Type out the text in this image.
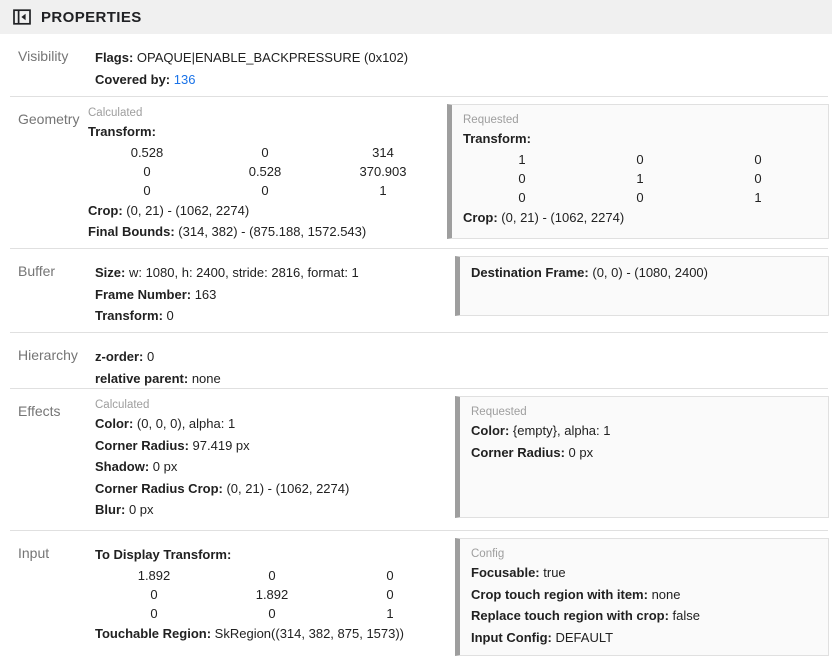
PROPERTIES
Visibility	Flags: OPAQUE|ENABLE_BACKPRESSURE (0x102)
Covered by: 136
Geometry Calculated
Transform:
0.528	0	314
0	0.528	370.903
0	0	1
Crop: (0, 21) - (1062, 2274)
Final Bounds: (314, 382) - (875.188, 1572.543)
Requested
Transform:
1	0	0
0	1	0
0	0	1
Crop: (0, 21) - (1062, 2274)
Buffer	Size: w: 1080, h: 2400, stride: 2816, format: 1
Frame Number: 163
Transform: 0
Destination Frame: (0, 0) - (1080, 2400)
Hierarchy	z-order: 0
relative parent: none
Effects	Calculated
Color: (0, 0, 0), alpha: 1
Corner Radius: 97.419 px
Shadow: 0 px
Corner Radius Crop: (0, 21) - (1062, 2274)
Blur: 0 px
Requested
Color: {empty}, alpha: 1
Corner Radius: 0 px
Input	To Display Transform:
1.892	0	0
0	1.892	0
0	0	1
Touchable Region: SkRegion((314, 382, 875, 1573))
Config
Focusable: true
Crop touch region with item: none
Replace touch region with crop: false
Input Config: DEFAULT
